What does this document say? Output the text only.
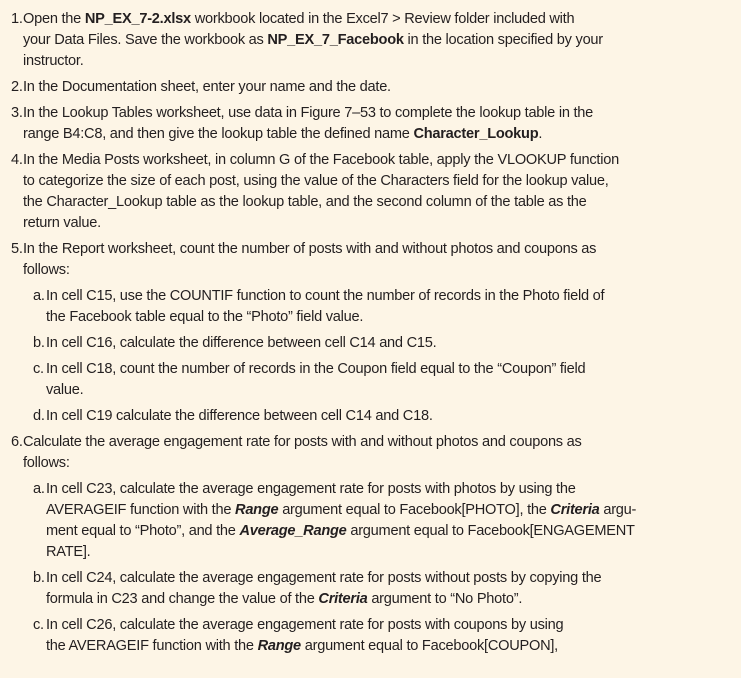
1. Open the NP_EX_7-2.xlsx workbook located in the Excel7 > Review folder included with
your Data Files. Save the workbook as NP_EX_7_Facebook in the location specified by your
instructor.
2. In the Documentation sheet, enter your name and the date.
3. In the Lookup Tables worksheet, use data in Figure 7–53 to complete the lookup table in the
range B4:C8, and then give the lookup table the defined name Character_Lookup.
4. In the Media Posts worksheet, in column G of the Facebook table, apply the VLOOKUP function
to categorize the size of each post, using the value of the Characters field for the lookup value,
the Character_Lookup table as the lookup table, and the second column of the table as the
return value.
5. In the Report worksheet, count the number of posts with and without photos and coupons as
follows:
a. In cell C15, use the COUNTIF function to count the number of records in the Photo field of
the Facebook table equal to the “Photo” field value.
b. In cell C16, calculate the difference between cell C14 and C15.
c. In cell C18, count the number of records in the Coupon field equal to the “Coupon” field
value.
d. In cell C19 calculate the difference between cell C14 and C18.
6. Calculate the average engagement rate for posts with and without photos and coupons as
follows:
a. In cell C23, calculate the average engagement rate for posts with photos by using the
AVERAGEIF function with the Range argument equal to Facebook[PHOTO], the Criteria argu-
ment equal to “Photo”, and the Average_Range argument equal to Facebook[ENGAGEMENT
RATE].
b. In cell C24, calculate the average engagement rate for posts without posts by copying the
formula in C23 and change the value of the Criteria argument to “No Photo”.
c. In cell C26, calculate the average engagement rate for posts with coupons by using
the AVERAGEIF function with the Range argument equal to Facebook[COUPON],
